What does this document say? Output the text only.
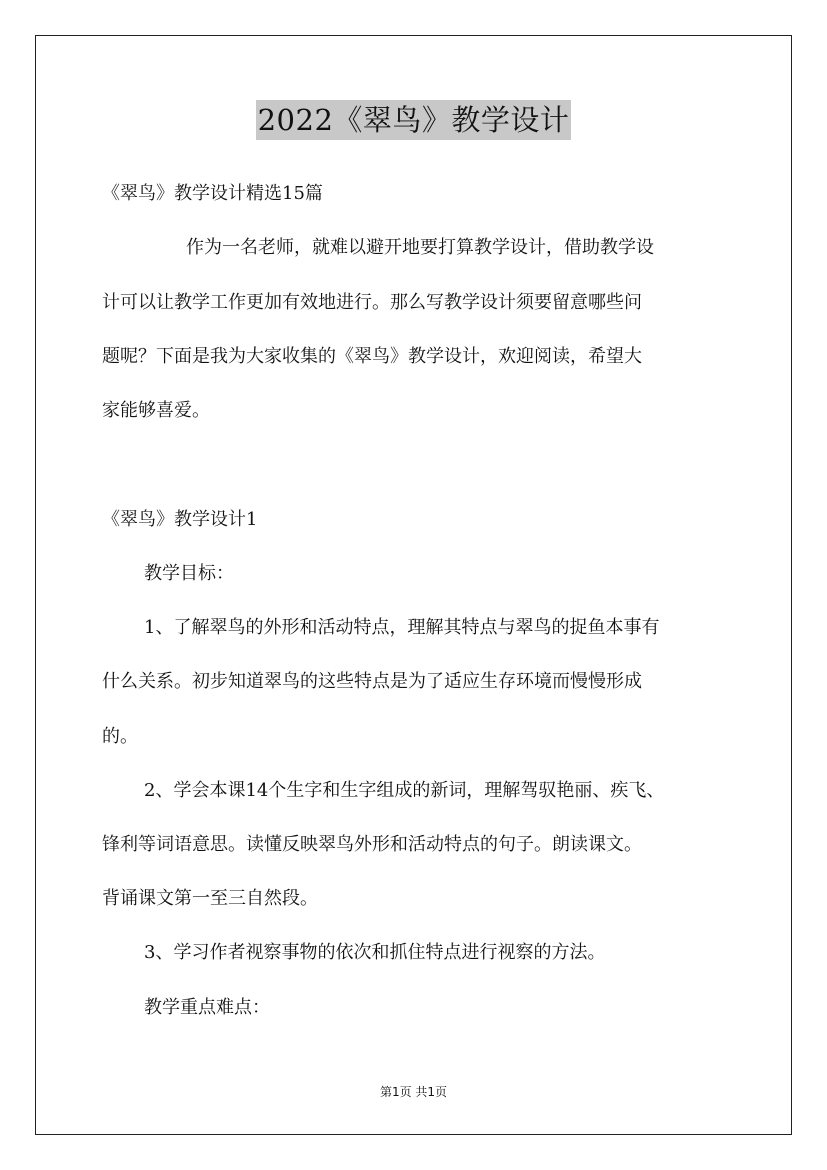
2022《翠鸟》教学设计
《翠鸟》教学设计精选15篇
作为一名老师，就难以避开地要打算教学设计，借助教学设
计可以让教学工作更加有效地进行。那么写教学设计须要留意哪些问
题呢？下面是我为大家收集的《翠鸟》教学设计，欢迎阅读，希望大
家能够喜爱。
《翠鸟》教学设计1
教学目标：
1、了解翠鸟的外形和活动特点，理解其特点与翠鸟的捉鱼本事有
什么关系。初步知道翠鸟的这些特点是为了适应生存环境而慢慢形成
的。
2、学会本课14个生字和生字组成的新词，理解驾驭艳丽、疾飞、
锋利等词语意思。读懂反映翠鸟外形和活动特点的句子。朗读课文。
背诵课文第一至三自然段。
3、学习作者视察事物的依次和抓住特点进行视察的方法。
教学重点难点：
第1页 共1页
